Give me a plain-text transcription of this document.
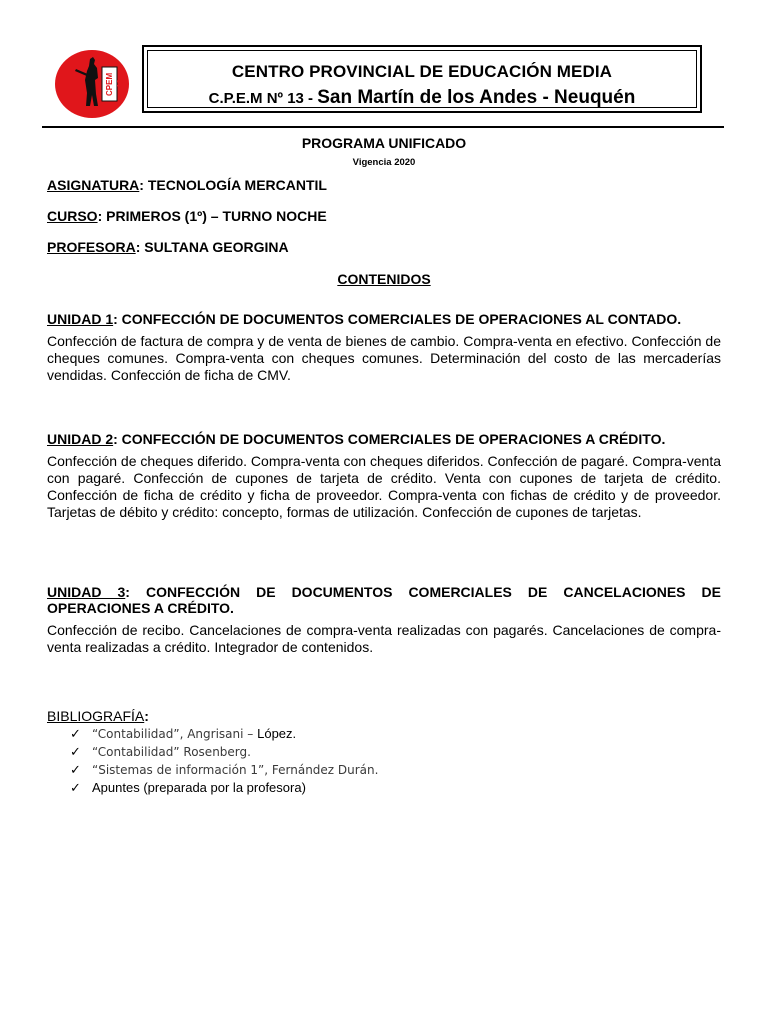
CPEM 13
CENTRO PROVINCIAL DE EDUCACIÓN MEDIA
C.P.E.M Nº 13 - San Martín de los Andes - Neuquén
PROGRAMA UNIFICADO
Vigencia 2020
ASIGNATURA: TECNOLOGÍA MERCANTIL
CURSO: PRIMEROS (1º) – TURNO NOCHE
PROFESORA: SULTANA GEORGINA
CONTENIDOS
UNIDAD 1: CONFECCIÓN DE DOCUMENTOS COMERCIALES DE OPERACIONES AL CONTADO.
Confección de factura de compra y de venta de bienes de cambio. Compra-venta en efectivo. Confección de cheques comunes. Compra-venta con cheques comunes. Determinación del costo de las mercaderías vendidas. Confección de ficha de CMV.
UNIDAD 2: CONFECCIÓN DE DOCUMENTOS COMERCIALES DE OPERACIONES A CRÉDITO.
Confección de cheques diferido. Compra-venta con cheques diferidos. Confección de pagaré. Compra-venta con pagaré. Confección de cupones de tarjeta de crédito. Venta con cupones de tarjeta de crédito. Confección de ficha de crédito y ficha de proveedor. Compra-venta con fichas de crédito y de proveedor. Tarjetas de débito y crédito: concepto, formas de utilización. Confección de cupones de tarjetas.
UNIDAD 3: CONFECCIÓN DE DOCUMENTOS COMERCIALES DE CANCELACIONES DE OPERACIONES A CRÉDITO.
Confección de recibo. Cancelaciones de compra-venta realizadas con pagarés. Cancelaciones de compra-venta realizadas a crédito. Integrador de contenidos.
BIBLIOGRAFÍA:
✓ “Contabilidad”, Angrisani – López.
✓ “Contabilidad” Rosenberg.
✓ “Sistemas de información 1”, Fernández Durán.
✓ Apuntes (preparada por la profesora)
